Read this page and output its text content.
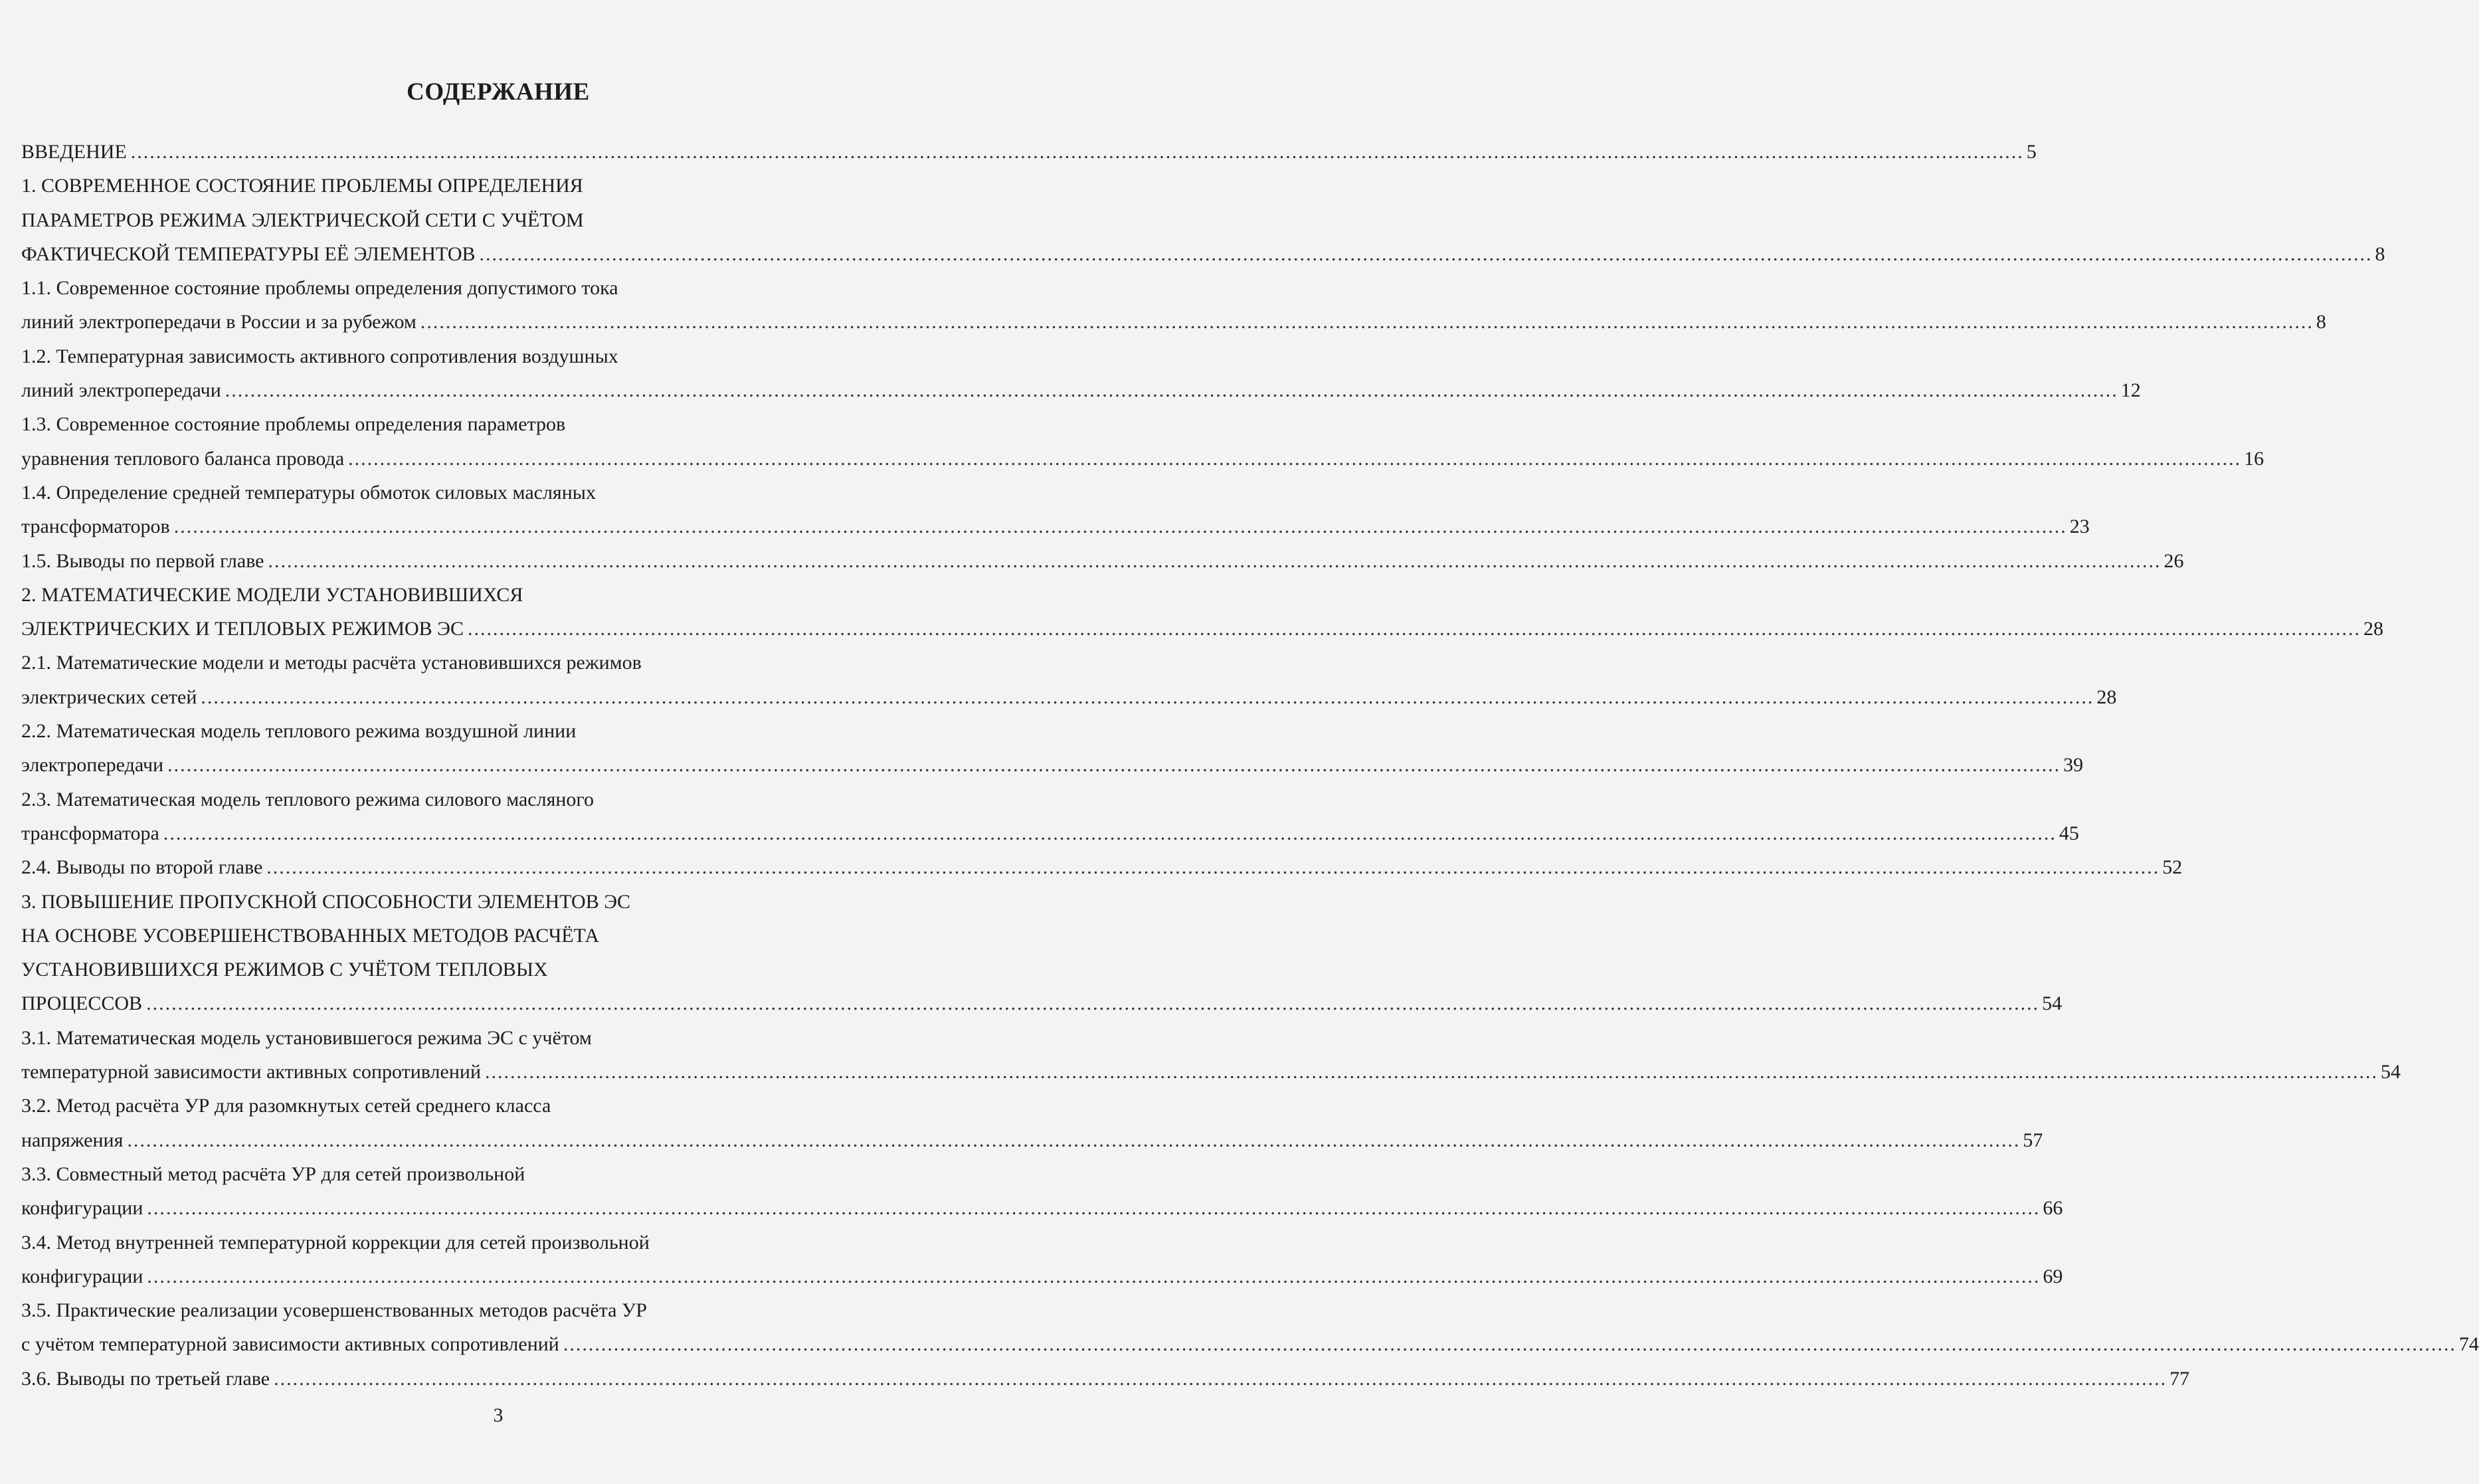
СОДЕРЖАНИЕ
ВВЕДЕНИЕ ............................................................................................................................................................................................................................................................................................................ 5
1. СОВРЕМЕННОЕ СОСТОЯНИЕ ПРОБЛЕМЫ ОПРЕДЕЛЕНИЯ
ПАРАМЕТРОВ РЕЖИМА ЭЛЕКТРИЧЕСКОЙ СЕТИ С УЧЁТОМ
ФАКТИЧЕСКОЙ ТЕМПЕРАТУРЫ ЕЁ ЭЛЕМЕНТОВ ............................................................................................................................................................................................................................................................................................................ 8
1.1. Современное состояние проблемы определения допустимого тока
линий электропередачи в России и за рубежом ............................................................................................................................................................................................................................................................................................................ 8
1.2. Температурная зависимость активного сопротивления воздушных
линий электропередачи ............................................................................................................................................................................................................................................................................................................ 12
1.3. Современное состояние проблемы определения параметров
уравнения теплового баланса провода ............................................................................................................................................................................................................................................................................................................ 16
1.4. Определение средней температуры обмоток силовых масляных
трансформаторов ............................................................................................................................................................................................................................................................................................................ 23
1.5. Выводы по первой главе ............................................................................................................................................................................................................................................................................................................ 26
2. МАТЕМАТИЧЕСКИЕ МОДЕЛИ УСТАНОВИВШИХСЯ
ЭЛЕКТРИЧЕСКИХ И ТЕПЛОВЫХ РЕЖИМОВ ЭС ............................................................................................................................................................................................................................................................................................................ 28
2.1. Математические модели и методы расчёта установившихся режимов
электрических сетей ............................................................................................................................................................................................................................................................................................................ 28
2.2. Математическая модель теплового режима воздушной линии
электропередачи ............................................................................................................................................................................................................................................................................................................ 39
2.3. Математическая модель теплового режима силового масляного
трансформатора ............................................................................................................................................................................................................................................................................................................ 45
2.4. Выводы по второй главе ............................................................................................................................................................................................................................................................................................................ 52
3. ПОВЫШЕНИЕ ПРОПУСКНОЙ СПОСОБНОСТИ ЭЛЕМЕНТОВ ЭС
НА ОСНОВЕ УСОВЕРШЕНСТВОВАННЫХ МЕТОДОВ РАСЧЁТА
УСТАНОВИВШИХСЯ РЕЖИМОВ С УЧЁТОМ ТЕПЛОВЫХ
ПРОЦЕССОВ ............................................................................................................................................................................................................................................................................................................ 54
3.1. Математическая модель установившегося режима ЭС с учётом
температурной зависимости активных сопротивлений ............................................................................................................................................................................................................................................................................................................ 54
3.2. Метод расчёта УР для разомкнутых сетей среднего класса
напряжения ............................................................................................................................................................................................................................................................................................................ 57
3.3. Совместный метод расчёта УР для сетей произвольной
конфигурации ............................................................................................................................................................................................................................................................................................................ 66
3.4. Метод внутренней температурной коррекции для сетей произвольной
конфигурации ............................................................................................................................................................................................................................................................................................................ 69
3.5. Практические реализации усовершенствованных методов расчёта УР
с учётом температурной зависимости активных сопротивлений ............................................................................................................................................................................................................................................................................................................ 74
3.6. Выводы по третьей главе ............................................................................................................................................................................................................................................................................................................ 77
3
